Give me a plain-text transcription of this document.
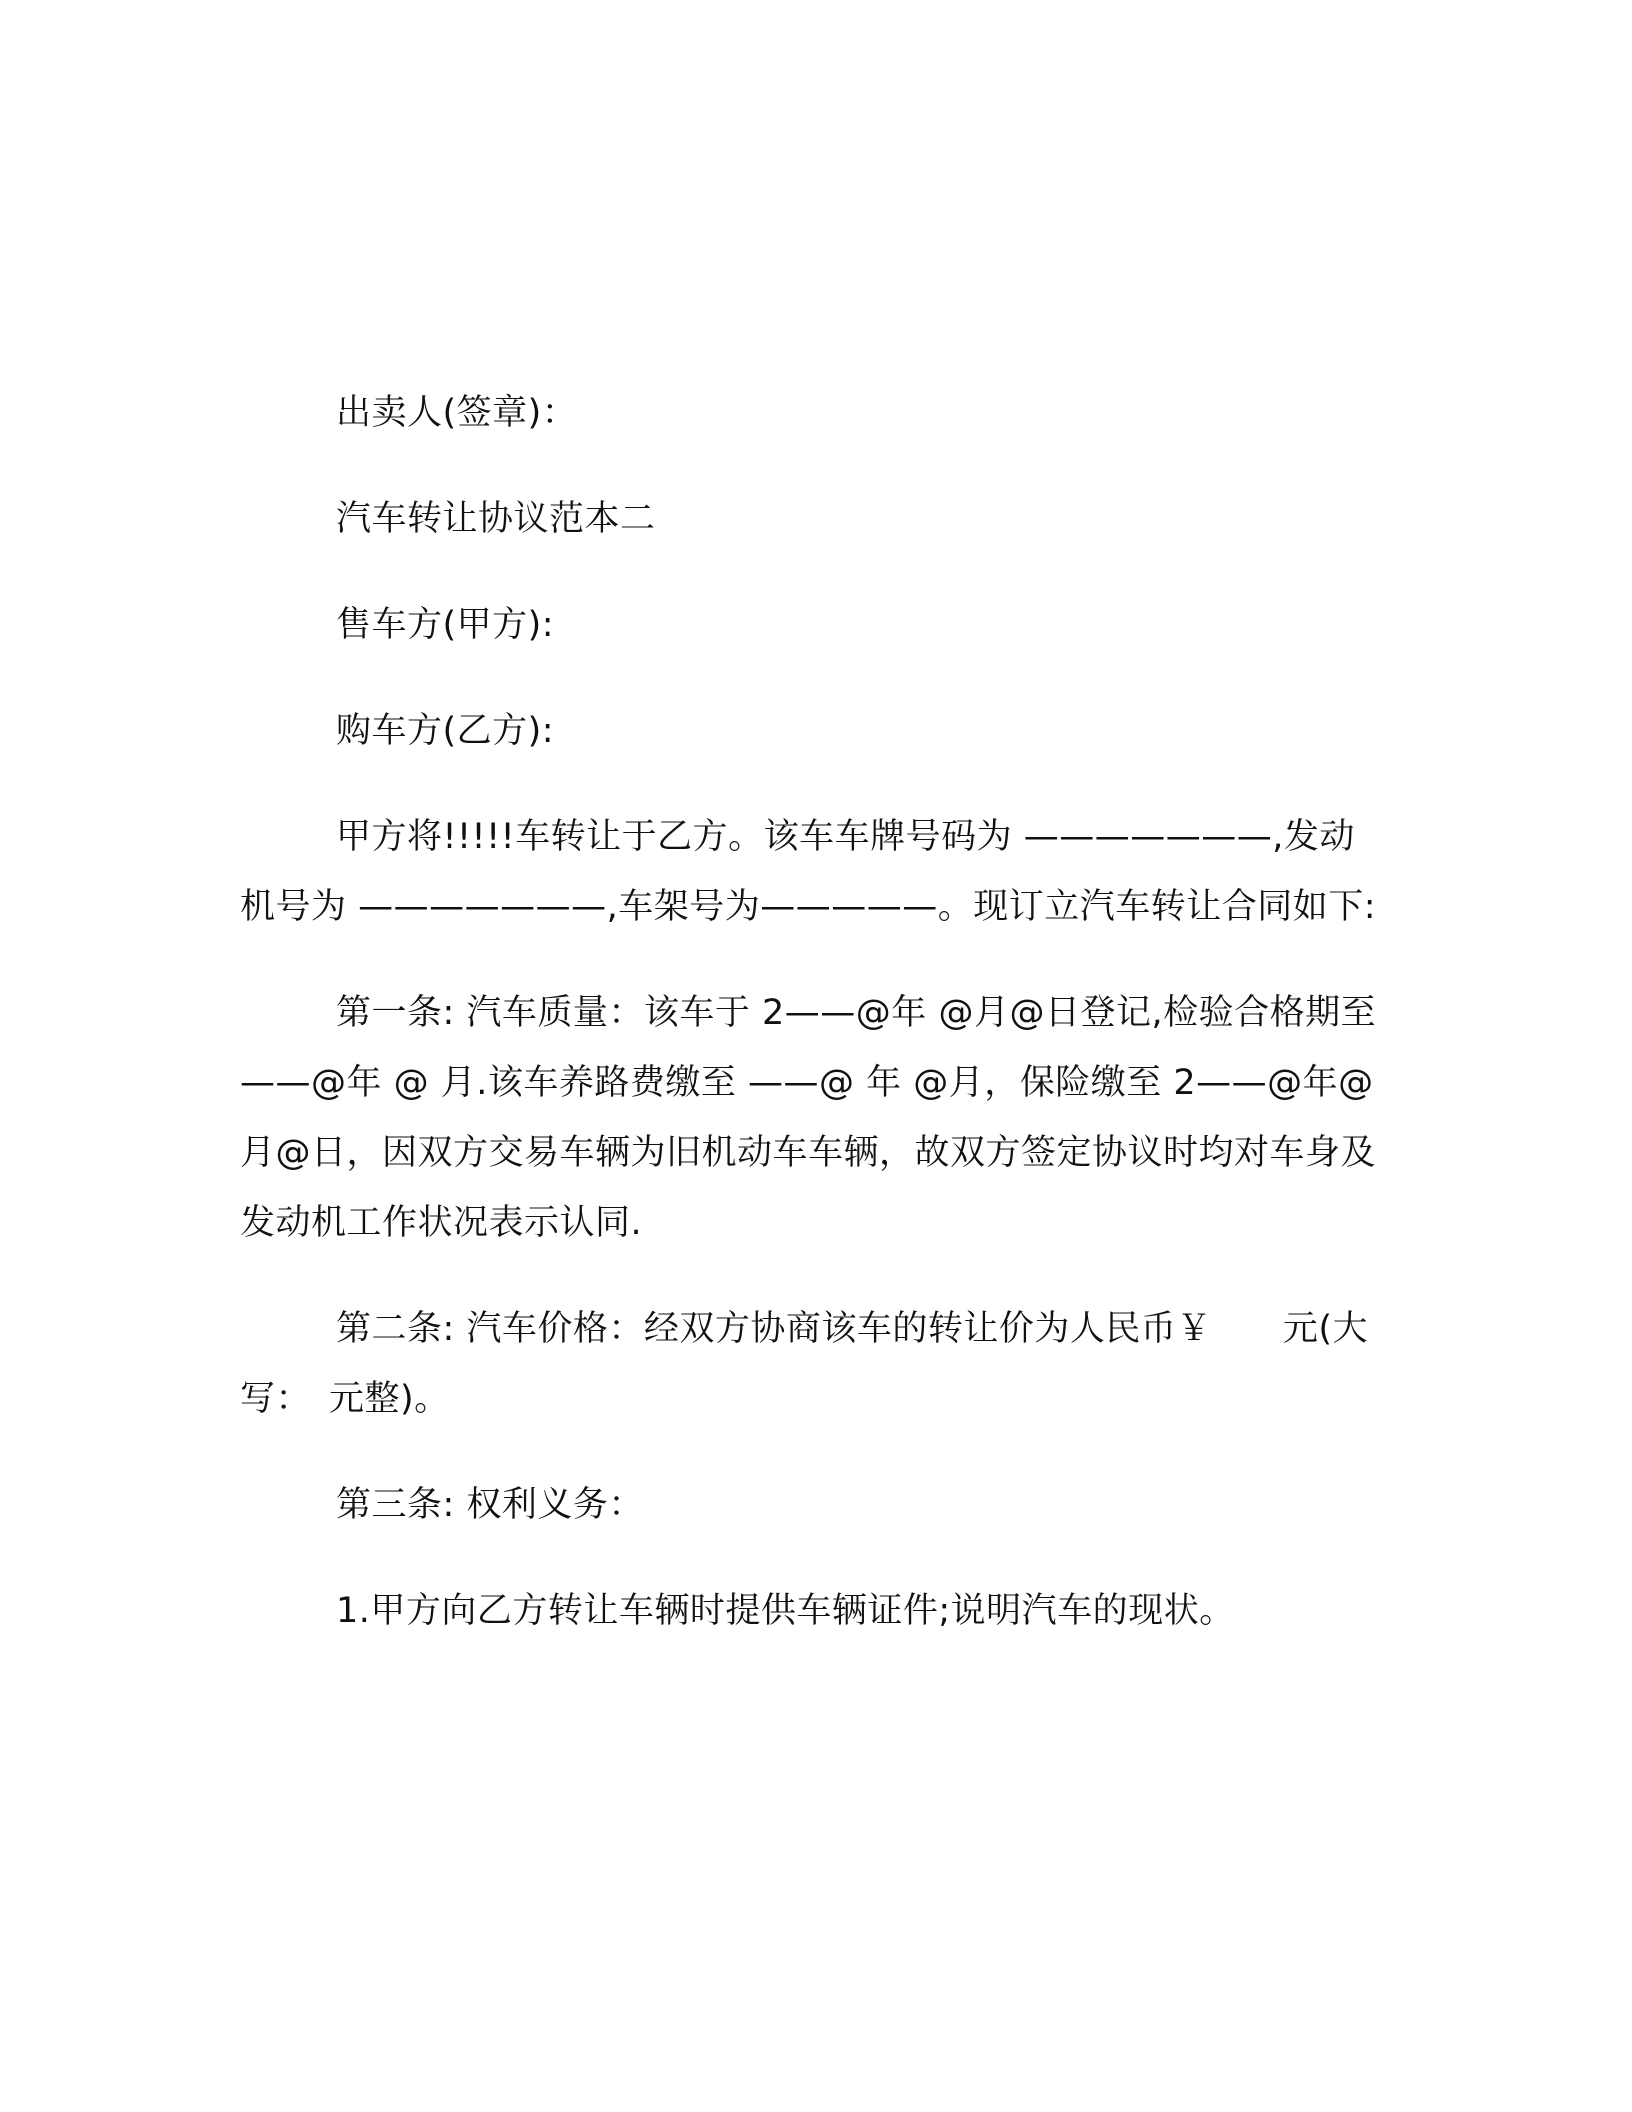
出卖人(签章)：

汽车转让协议范本二

售车方(甲方):

购车方(乙方):

甲方将!!!!!车转让于乙方。该车车牌号码为 ———————,发动机号为 ———————,车架号为—————。现订立汽车转让合同如下:

第一条: 汽车质量：该车于 2——@年 @月@日登记,检验合格期至 ——@年 @ 月.该车养路费缴至 ——@ 年 @月，保险缴至 2——@年@月@日，因双方交易车辆为旧机动车车辆，故双方签定协议时均对车身及发动机工作状况表示认同.

第二条: 汽车价格：经双方协商该车的转让价为人民币￥　　元(大写：　元整)。

第三条: 权利义务：

1.甲方向乙方转让车辆时提供车辆证件;说明汽车的现状。
